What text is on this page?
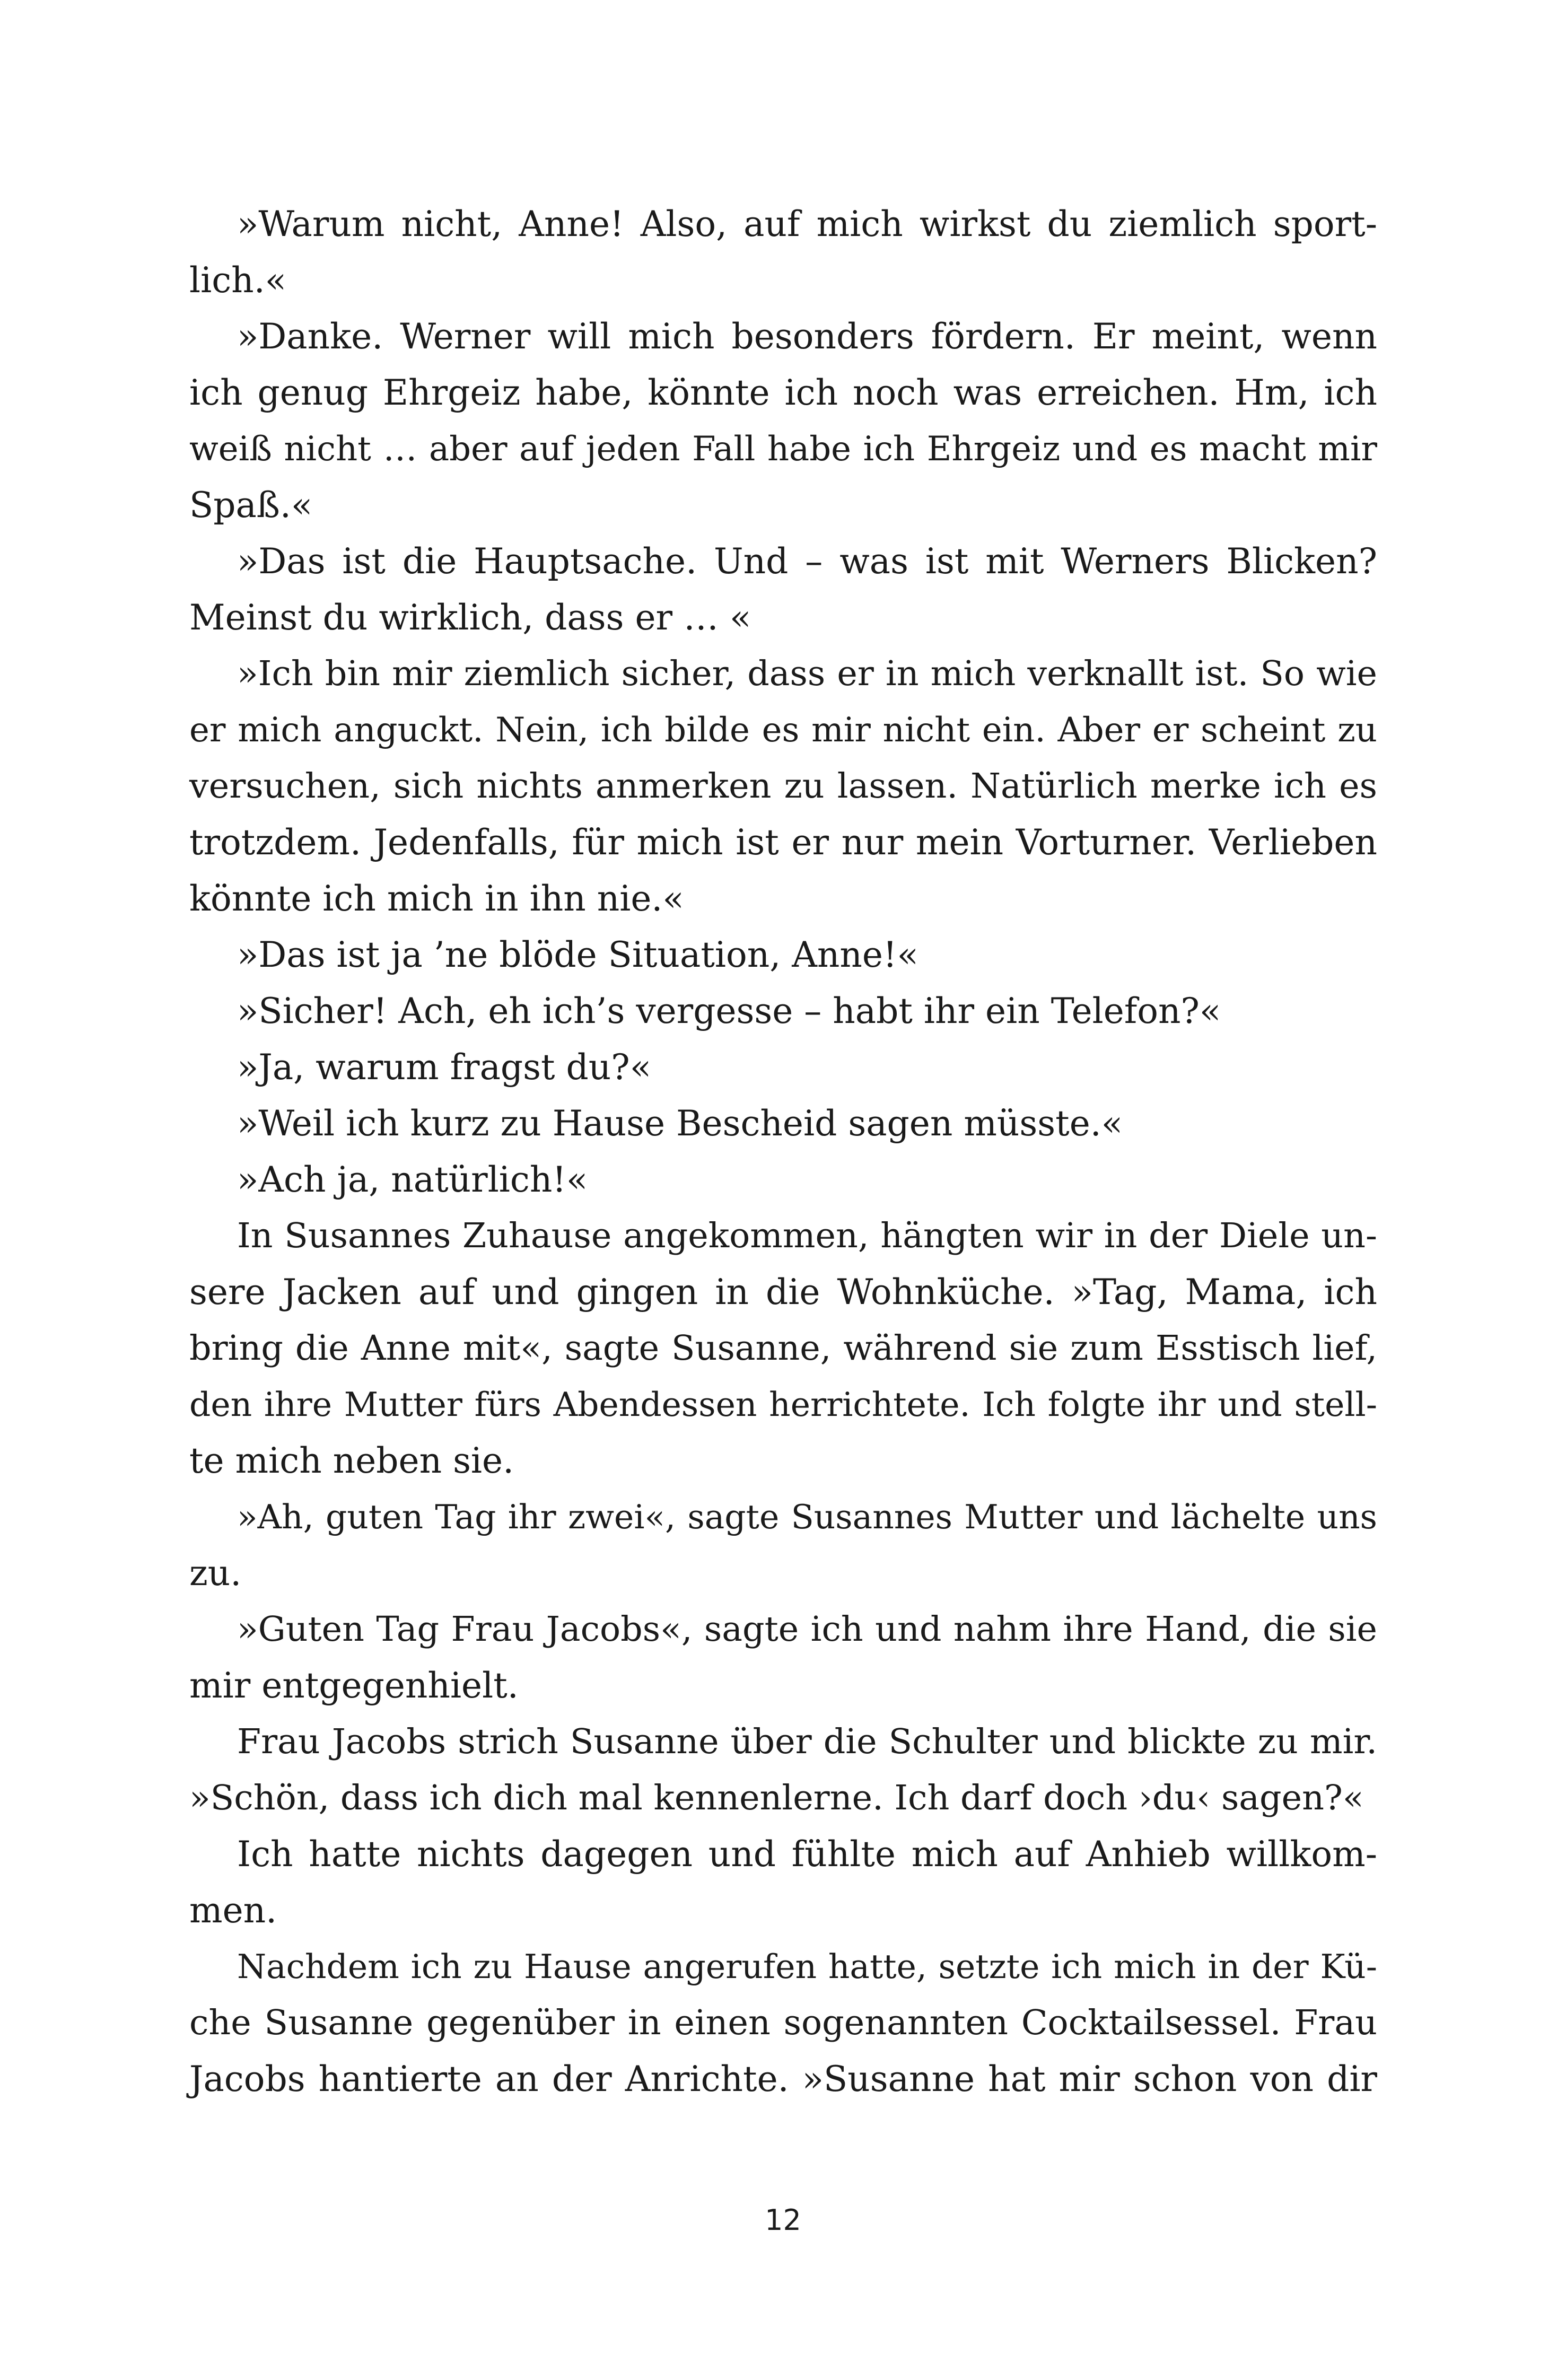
»Warum nicht, Anne! Also, auf mich wirkst du ziemlich sport-
lich.«
»Danke. Werner will mich besonders fördern. Er meint, wenn
ich genug Ehrgeiz habe, könnte ich noch was erreichen. Hm, ich
weiß nicht … aber auf jeden Fall habe ich Ehrgeiz und es macht mir
Spaß.«
»Das ist die Hauptsache. Und – was ist mit Werners Blicken?
Meinst du wirklich, dass er … «
»Ich bin mir ziemlich sicher, dass er in mich verknallt ist. So wie
er mich anguckt. Nein, ich bilde es mir nicht ein. Aber er scheint zu
versuchen, sich nichts anmerken zu lassen. Natürlich merke ich es
trotzdem. Jedenfalls, für mich ist er nur mein Vorturner. Verlieben
könnte ich mich in ihn nie.«
»Das ist ja ’ne blöde Situation, Anne!«
»Sicher! Ach, eh ich’s vergesse – habt ihr ein Telefon?«
»Ja, warum fragst du?«
»Weil ich kurz zu Hause Bescheid sagen müsste.«
»Ach ja, natürlich!«
In Susannes Zuhause angekommen, hängten wir in der Diele un-
sere Jacken auf und gingen in die Wohnküche. »Tag, Mama, ich
bring die Anne mit«, sagte Susanne, während sie zum Esstisch lief,
den ihre Mutter fürs Abendessen herrichtete. Ich folgte ihr und stell-
te mich neben sie.
»Ah, guten Tag ihr zwei«, sagte Susannes Mutter und lächelte uns
zu.
»Guten Tag Frau Jacobs«, sagte ich und nahm ihre Hand, die sie
mir entgegenhielt.
Frau Jacobs strich Susanne über die Schulter und blickte zu mir.
»Schön, dass ich dich mal kennenlerne. Ich darf doch ›du‹ sagen?«
Ich hatte nichts dagegen und fühlte mich auf Anhieb willkom-
men.
Nachdem ich zu Hause angerufen hatte, setzte ich mich in der Kü-
che Susanne gegenüber in einen sogenannten Cocktailsessel. Frau
Jacobs hantierte an der Anrichte. »Susanne hat mir schon von dir
12
